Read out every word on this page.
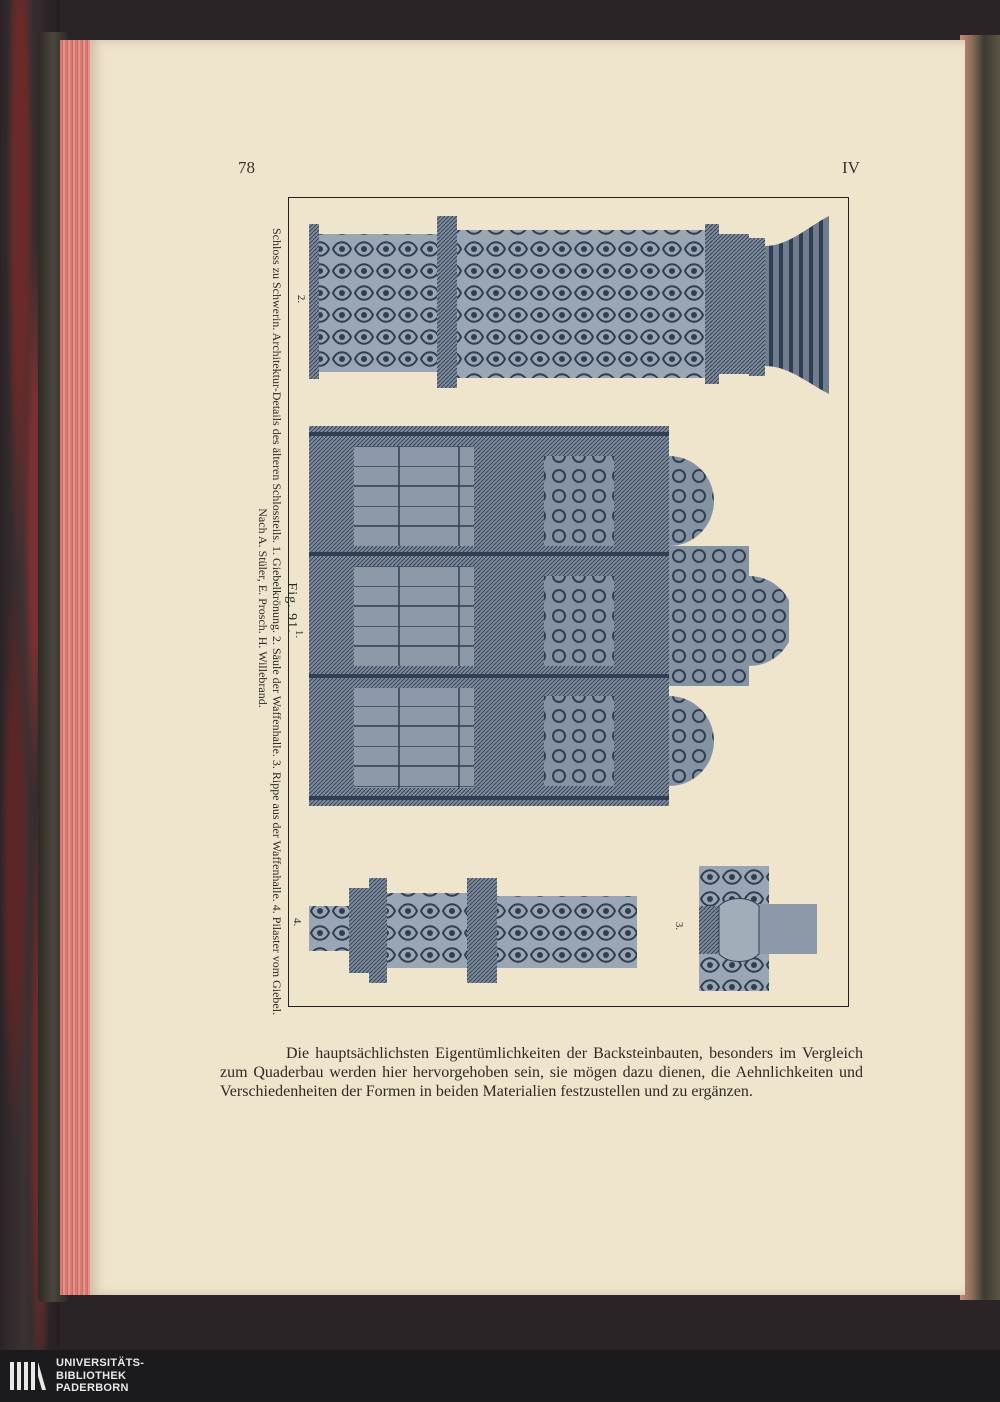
78	IV
Fig. 91.
Schloss zu Schwerin. Architektur-Details des älteren Schlossteils. 1. Giebelkrönung. 2. Säule der Waffenhalle. 3. Rippe aus der Waffenhalle. 4. Pilaster vom Giebel.
Nach A. Stüler, E. Prosch. H. Willebrand.
2.
1.
4.	3.

Die hauptsächlichsten Eigentümlichkeiten der Backsteinbauten, besonders im Vergleich zum Quaderbau werden hier hervorgehoben sein, sie mögen dazu dienen, die Aehnlichkeiten und Verschiedenheiten der Formen in beiden Materialien festzustellen und zu ergänzen.

UNIVERSITÄTS-
BIBLIOTHEK
PADERBORN
